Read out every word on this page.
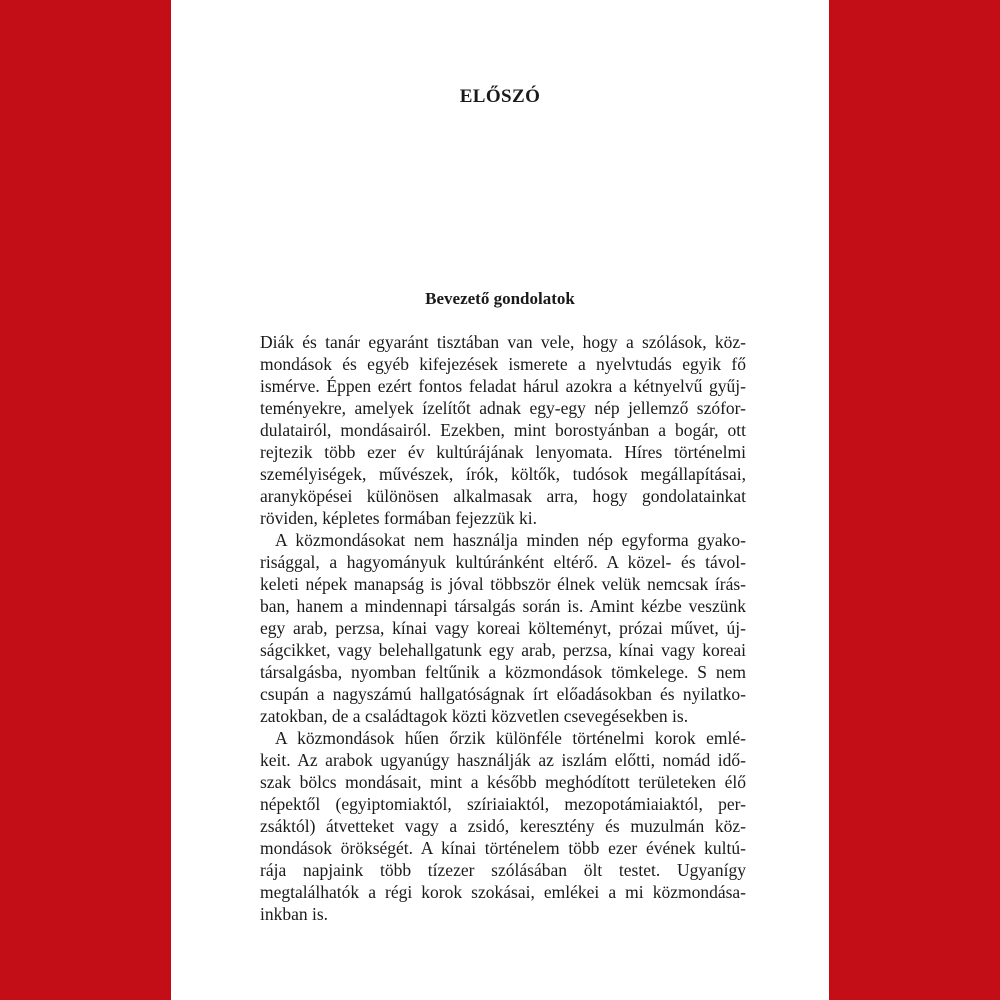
ELŐSZÓ
Bevezető gondolatok
Diák és tanár egyaránt tisztában van vele, hogy a szólások, köz-
mondások és egyéb kifejezések ismerete a nyelvtudás egyik fő
ismérve. Éppen ezért fontos feladat hárul azokra a kétnyelvű gyűj-
teményekre, amelyek ízelítőt adnak egy-egy nép jellemző szófor-
dulatairól, mondásairól. Ezekben, mint borostyánban a bogár, ott
rejtezik több ezer év kultúrájának lenyomata. Híres történelmi
személyiségek, művészek, írók, költők, tudósok megállapításai,
aranyköpései különösen alkalmasak arra, hogy gondolatainkat
röviden, képletes formában fejezzük ki.
A közmondásokat nem használja minden nép egyforma gyako-
risággal, a hagyományuk kultúránként eltérő. A közel- és távol-
keleti népek manapság is jóval többször élnek velük nemcsak írás-
ban, hanem a mindennapi társalgás során is. Amint kézbe veszünk
egy arab, perzsa, kínai vagy koreai költeményt, prózai művet, új-
ságcikket, vagy belehallgatunk egy arab, perzsa, kínai vagy koreai
társalgásba, nyomban feltűnik a közmondások tömkelege. S nem
csupán a nagyszámú hallgatóságnak írt előadásokban és nyilatko-
zatokban, de a családtagok közti közvetlen csevegésekben is.
A közmondások hűen őrzik különféle történelmi korok emlé-
keit. Az arabok ugyanúgy használják az iszlám előtti, nomád idő-
szak bölcs mondásait, mint a később meghódított területeken élő
népektől (egyiptomiaktól, szíriaiaktól, mezopotámiaiaktól, per-
zsáktól) átvetteket vagy a zsidó, keresztény és muzulmán köz-
mondások örökségét. A kínai történelem több ezer évének kultú-
rája napjaink több tízezer szólásában ölt testet. Ugyanígy
megtalálhatók a régi korok szokásai, emlékei a mi közmondása-
inkban is.
